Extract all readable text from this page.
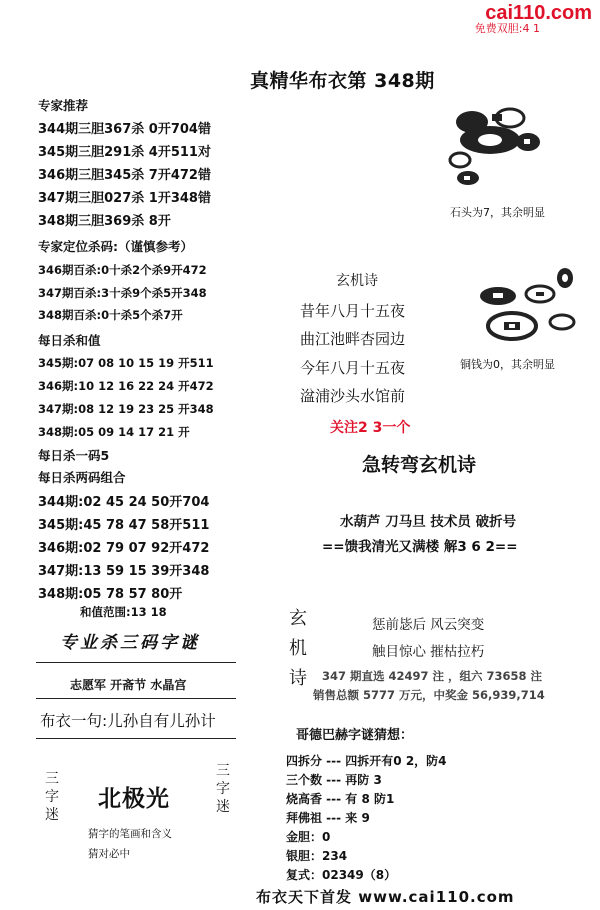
cai110.com
免费双胆:4 1
真精华布衣第 348期
专家推荐
344期三胆367杀 0开704错
345期三胆291杀 4开511对
346期三胆345杀 7开472错
347期三胆027杀 1开348错
348期三胆369杀 8开
专家定位杀码:（谨慎参考）
346期百杀:0十杀2个杀9开472
347期百杀:3十杀9个杀5开348
348期百杀:0十杀5个杀7开
每日杀和值
345期:07 08 10 15 19 开511
346期:10 12 16 22 24 开472
347期:08 12 19 23 25 开348
348期:05 09 14 17 21 开
每日杀一码5
每日杀两码组合
344期:02 45 24 50开704
345期:45 78 47 58开511
346期:02 79 07 92开472
347期:13 59 15 39开348
348期:05 78 57 80开
和值范围:13 18
专业杀三码字谜
志愿军 开斋节 水晶宫
布衣一句:儿孙自有儿孙计
三字迷
三字迷
北极光
猜字的笔画和含义
猜对必中
石头为7，其余明显
铜钱为0，其余明显
玄机诗
昔年八月十五夜
曲江池畔杏园边
今年八月十五夜
湓浦沙头水馆前
关注2 3一个
急转弯玄机诗
水葫芦 刀马旦 技术员 破折号
==馈我清光又满楼 解3 6 2==
玄机诗
惩前毖后 风云突变
触目惊心 摧枯拉朽
347 期直选 42497 注 ，组六 73658 注
销售总额 5777 万元，中奖金 56,939,714
哥德巴赫字谜猜想：
四拆分 --- 四拆开有0 2，防4
三个数 --- 再防 3
烧高香 --- 有 8 防1
拜佛祖 --- 来 9
金胆：0
银胆：234
复式：02349（8）
布衣天下首发 www.cai110.com
